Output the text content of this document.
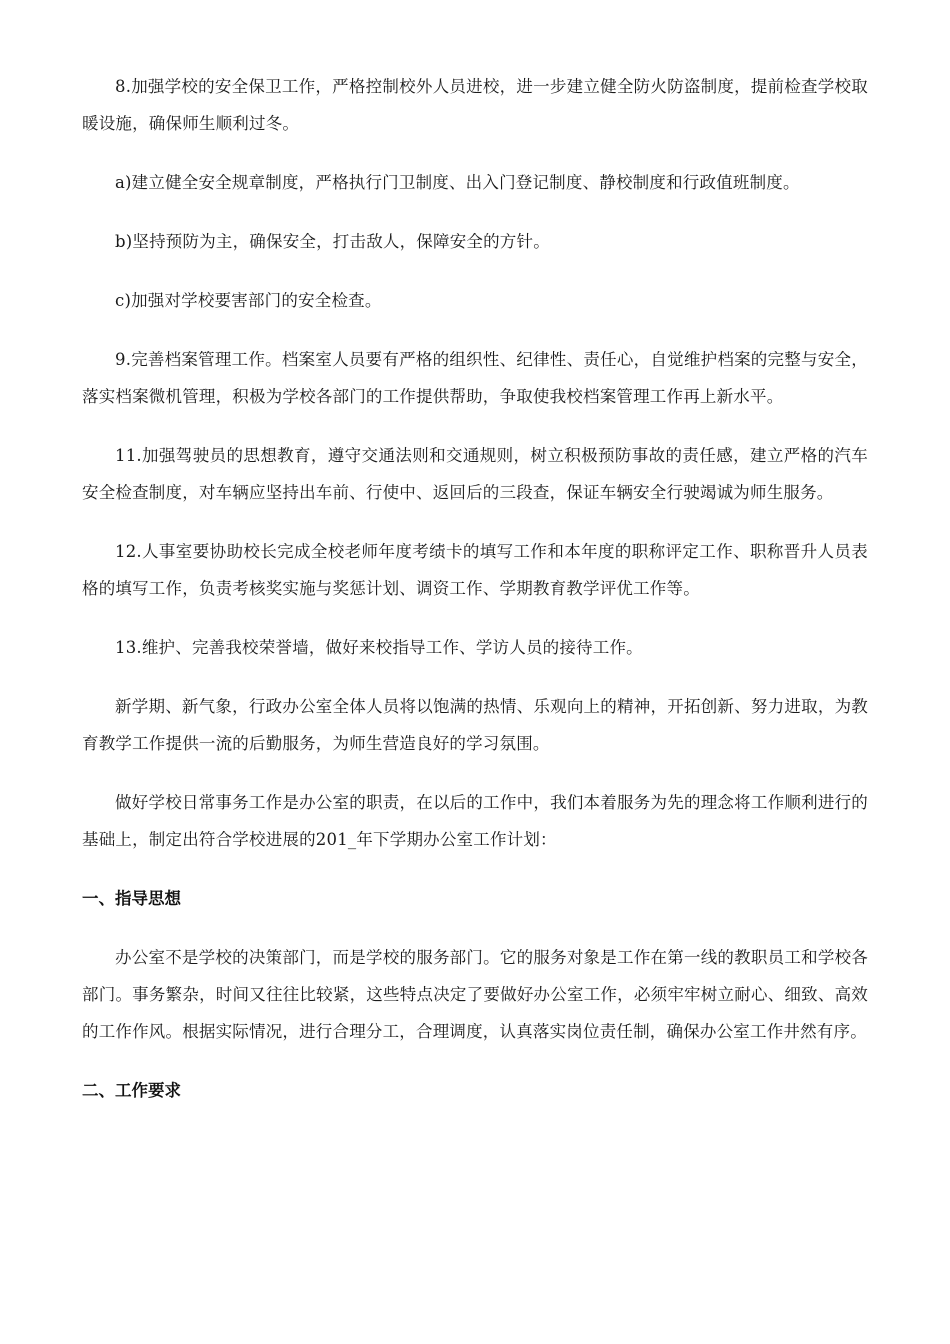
8.加强学校的安全保卫工作，严格控制校外人员进校，进一步建立健全防火防盗制度，提前检查学校取暖设施，确保师生顺利过冬。

a)建立健全安全规章制度，严格执行门卫制度、出入门登记制度、静校制度和行政值班制度。

b)坚持预防为主，确保安全，打击敌人，保障安全的方针。

c)加强对学校要害部门的安全检查。

9.完善档案管理工作。档案室人员要有严格的组织性、纪律性、责任心，自觉维护档案的完整与安全，落实档案微机管理，积极为学校各部门的工作提供帮助，争取使我校档案管理工作再上新水平。

11.加强驾驶员的思想教育，遵守交通法则和交通规则，树立积极预防事故的责任感，建立严格的汽车安全检查制度，对车辆应坚持出车前、行使中、返回后的三段查，保证车辆安全行驶竭诚为师生服务。

12.人事室要协助校长完成全校老师年度考绩卡的填写工作和本年度的职称评定工作、职称晋升人员表格的填写工作，负责考核奖实施与奖惩计划、调资工作、学期教育教学评优工作等。

13.维护、完善我校荣誉墙，做好来校指导工作、学访人员的接待工作。

新学期、新气象，行政办公室全体人员将以饱满的热情、乐观向上的精神，开拓创新、努力进取，为教育教学工作提供一流的后勤服务，为师生营造良好的学习氛围。

做好学校日常事务工作是办公室的职责，在以后的工作中，我们本着服务为先的理念将工作顺利进行的基础上，制定出符合学校进展的201_年下学期办公室工作计划：

一、指导思想

办公室不是学校的决策部门，而是学校的服务部门。它的服务对象是工作在第一线的教职员工和学校各部门。事务繁杂，时间又往往比较紧，这些特点决定了要做好办公室工作，必须牢牢树立耐心、细致、高效的工作作风。根据实际情况，进行合理分工，合理调度，认真落实岗位责任制，确保办公室工作井然有序。

二、工作要求
